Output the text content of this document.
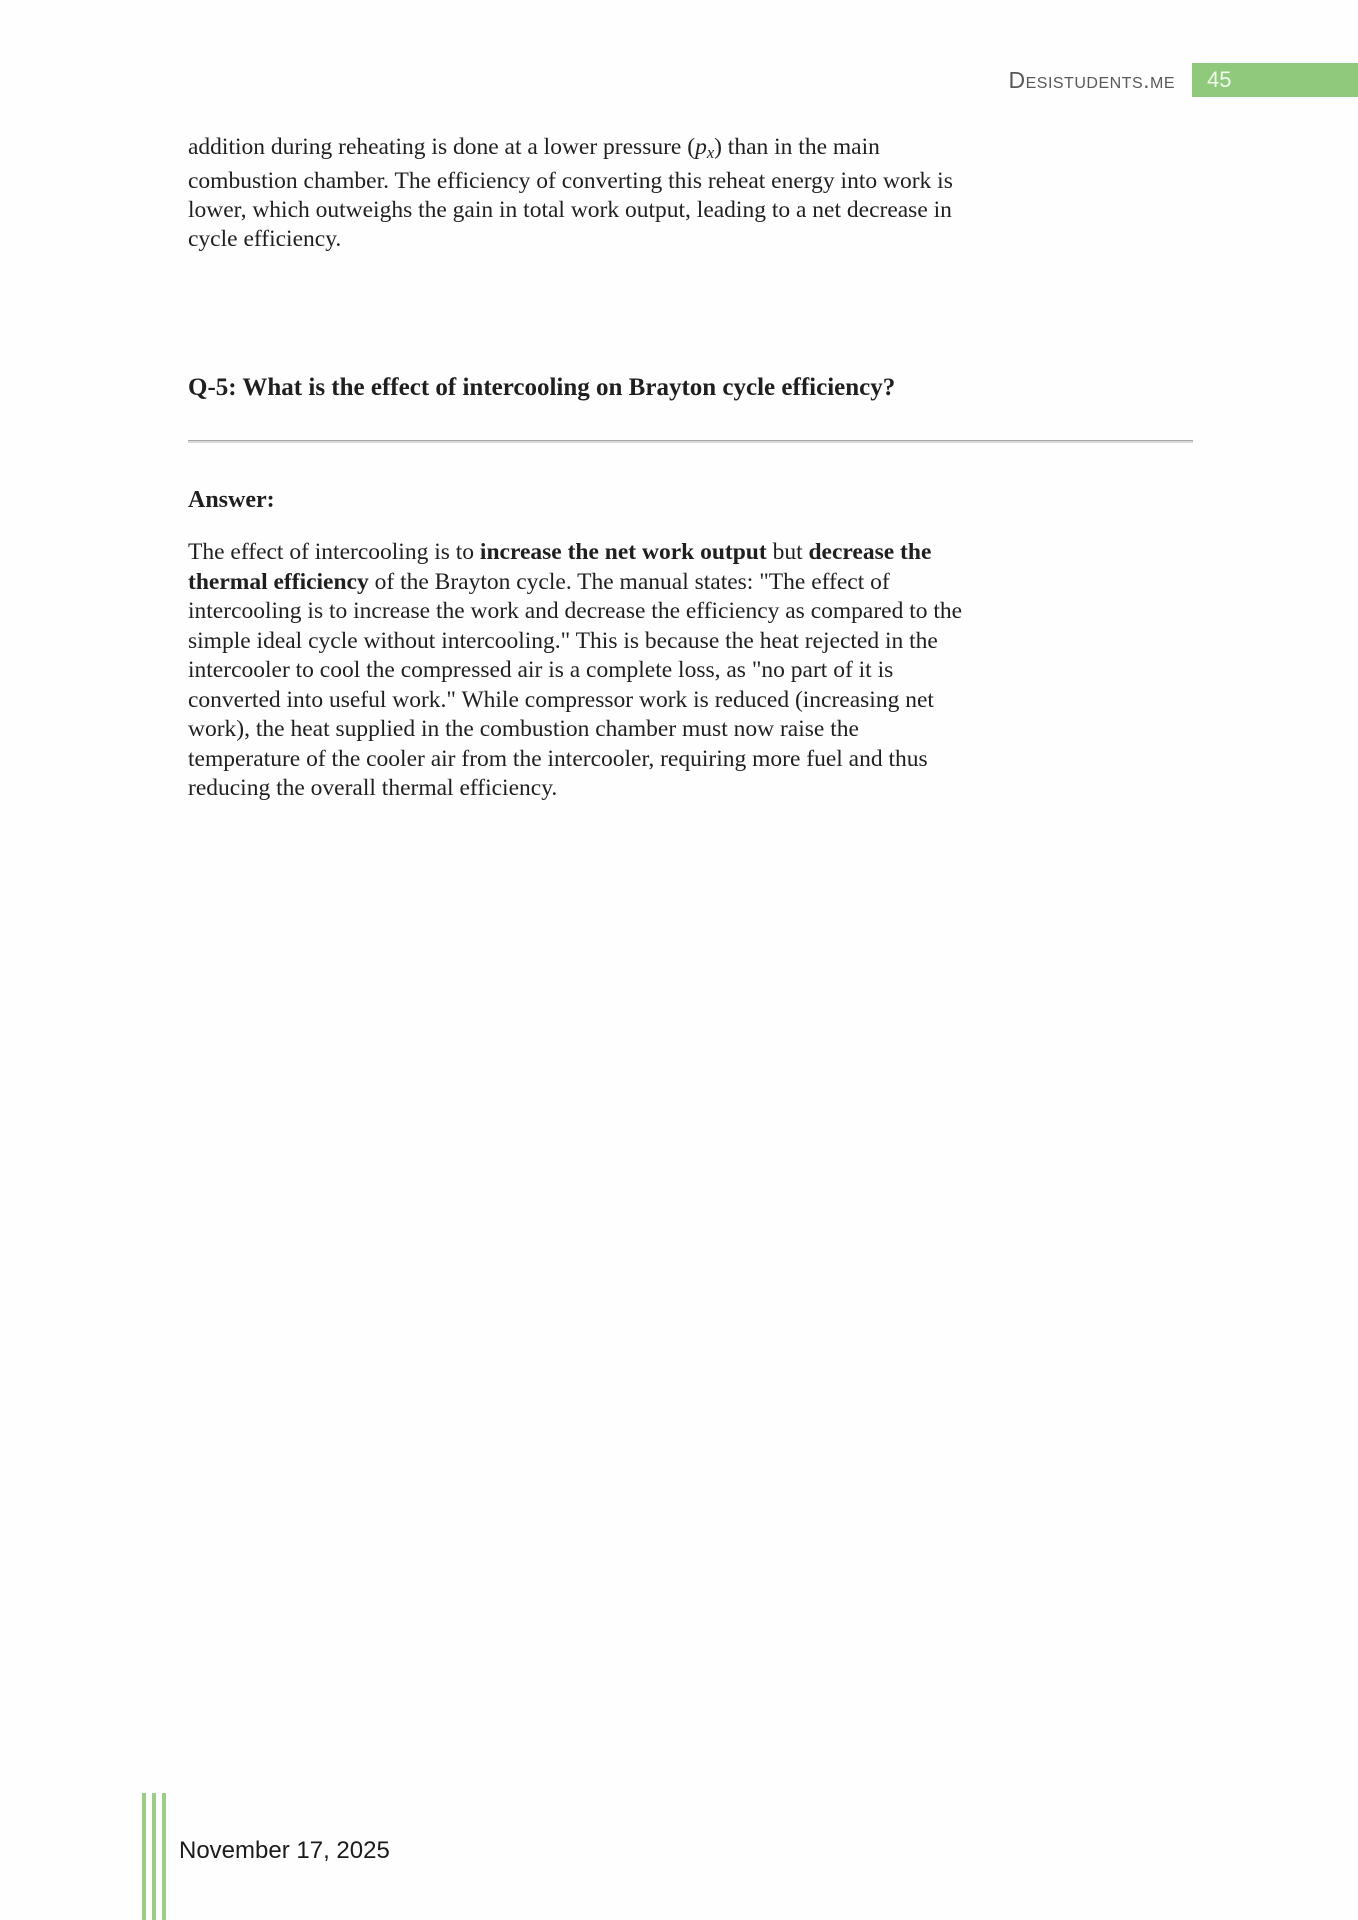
Desistudents.me	45

addition during reheating is done at a lower pressure (px) than in the main combustion chamber. The efficiency of converting this reheat energy into work is lower, which outweighs the gain in total work output, leading to a net decrease in cycle efficiency.

Q-5: What is the effect of intercooling on Brayton cycle efficiency?

Answer:

The effect of intercooling is to increase the net work output but decrease the thermal efficiency of the Brayton cycle. The manual states: "The effect of intercooling is to increase the work and decrease the efficiency as compared to the simple ideal cycle without intercooling." This is because the heat rejected in the intercooler to cool the compressed air is a complete loss, as "no part of it is converted into useful work." While compressor work is reduced (increasing net work), the heat supplied in the combustion chamber must now raise the temperature of the cooler air from the intercooler, requiring more fuel and thus reducing the overall thermal efficiency.

November 17, 2025
